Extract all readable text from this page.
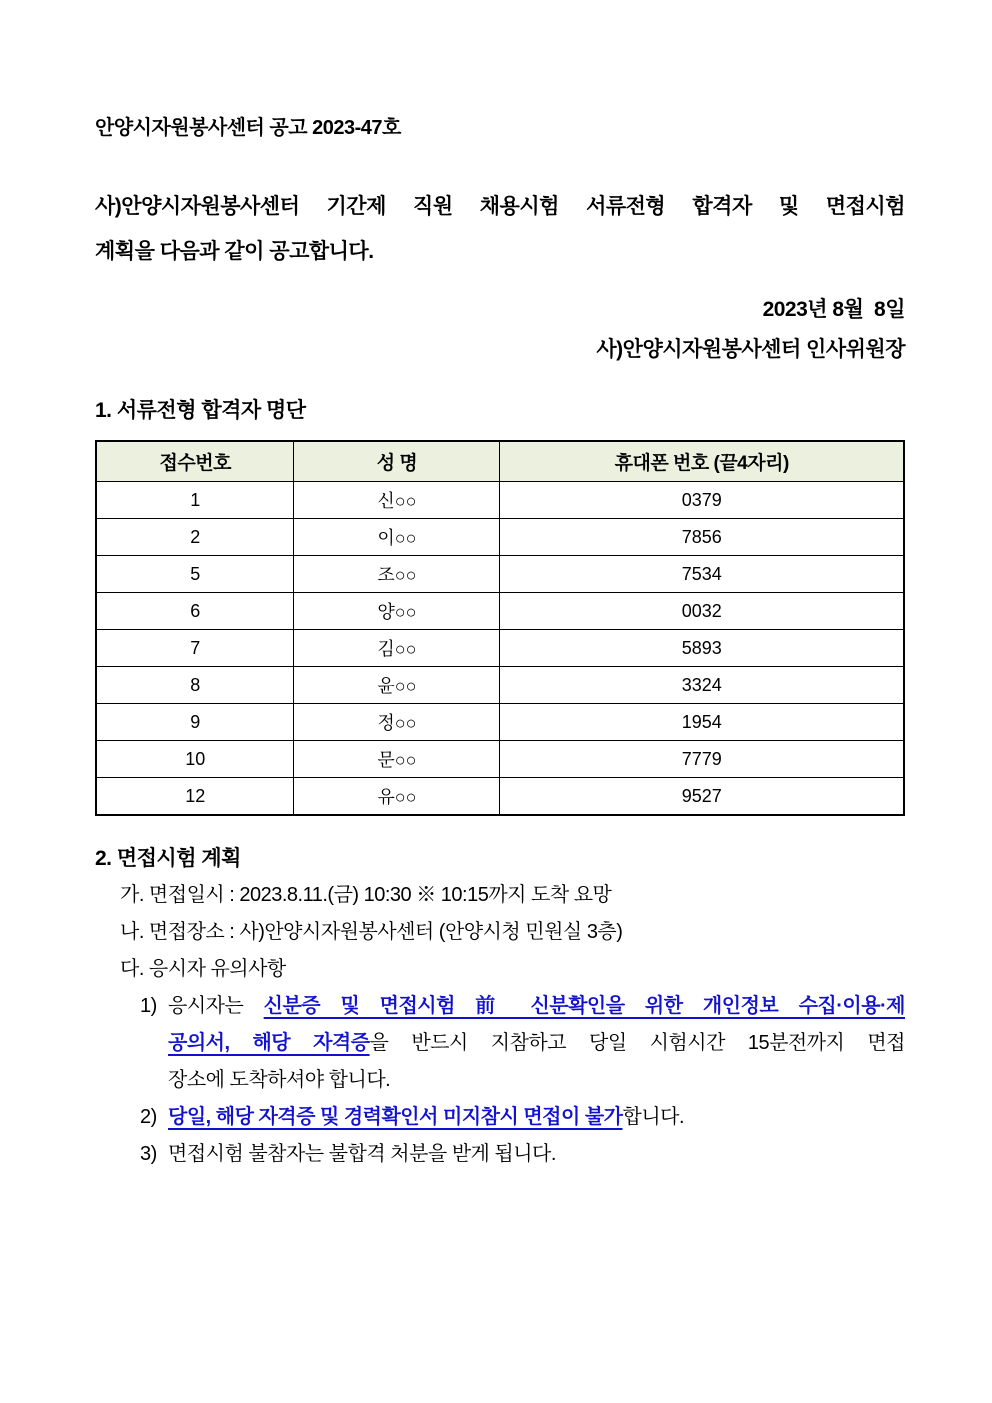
안양시자원봉사센터 공고 2023-47호
사)안양시자원봉사센터 기간제 직원 채용시험 서류전형 합격자 및 면접시험
계획을 다음과 같이 공고합니다.
2023년 8월  8일
사)안양시자원봉사센터 인사위원장
1. 서류전형 합격자 명단
접수번호	성 명	휴대폰 번호 (끝4자리)
1	신○○	0379
2	이○○	7856
5	조○○	7534
6	양○○	0032
7	김○○	5893
8	윤○○	3324
9	정○○	1954
10	문○○	7779
12	유○○	9527
2. 면접시험 계획
가. 면접일시 : 2023.8.11.(금) 10:30 ※ 10:15까지 도착 요망
나. 면접장소 : 사)안양시자원봉사센터 (안양시청 민원실 3층)
다. 응시자 유의사항
1) 응시자는 신분증 및 면접시험 前 신분확인을 위한 개인정보 수집·이용·제
공의서, 해당 자격증을 반드시 지참하고 당일 시험시간 15분전까지 면접
장소에 도착하셔야 합니다.
2) 당일, 해당 자격증 및 경력확인서 미지참시 면접이 불가합니다.
3) 면접시험 불참자는 불합격 처분을 받게 됩니다.
